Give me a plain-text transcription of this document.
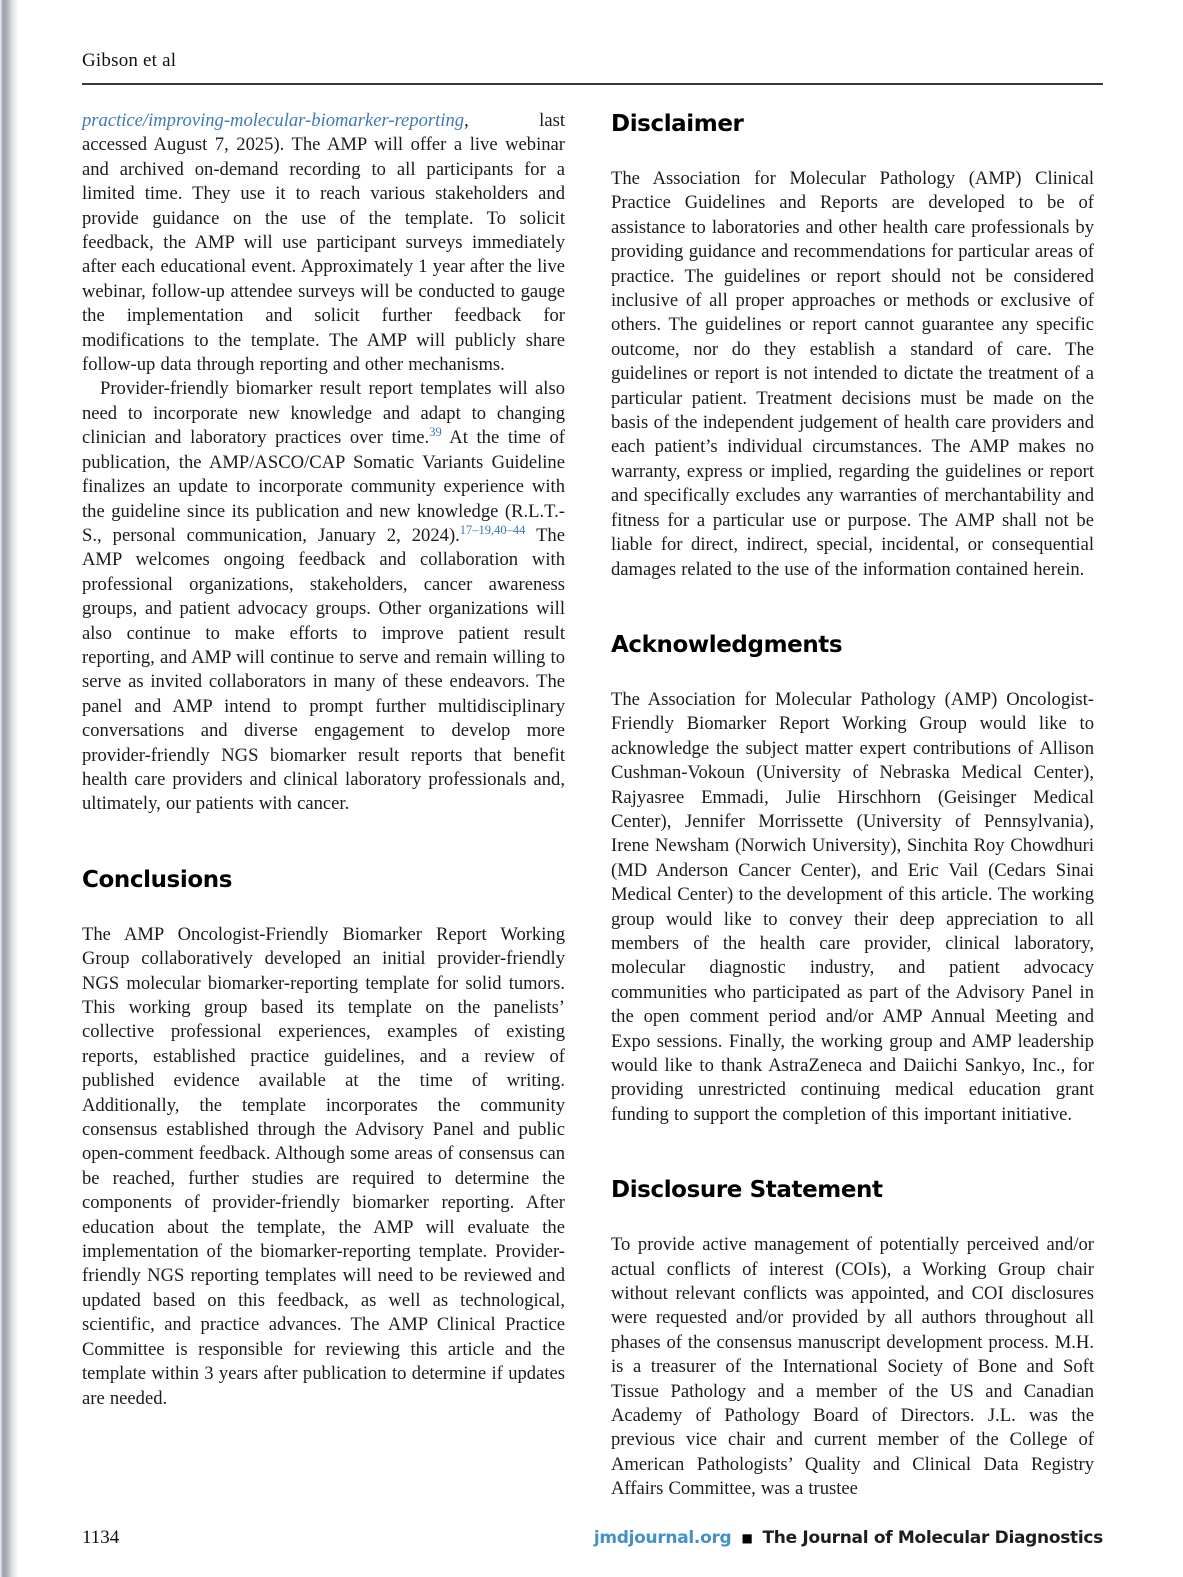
Gibson et al

practice/improving-molecular-biomarker-reporting, last accessed August 7, 2025). The AMP will offer a live webinar and archived on-demand recording to all participants for a limited time. They use it to reach various stakeholders and provide guidance on the use of the template. To solicit feedback, the AMP will use participant surveys immediately after each educational event. Approximately 1 year after the live webinar, follow-up attendee surveys will be conducted to gauge the implementation and solicit further feedback for modifications to the template. The AMP will publicly share follow-up data through reporting and other mechanisms.

Provider-friendly biomarker result report templates will also need to incorporate new knowledge and adapt to changing clinician and laboratory practices over time.$^{39}$ At the time of publication, the AMP/ASCO/CAP Somatic Variants Guideline finalizes an update to incorporate community experience with the guideline since its publication and new knowledge (R.L.T.-S., personal communication, January 2, 2024).$^{17-19,40-44}$ The AMP welcomes ongoing feedback and collaboration with professional organizations, stakeholders, cancer awareness groups, and patient advocacy groups. Other organizations will also continue to make efforts to improve patient result reporting, and AMP will continue to serve and remain willing to serve as invited collaborators in many of these endeavors. The panel and AMP intend to prompt further multidisciplinary conversations and diverse engagement to develop more provider-friendly NGS biomarker result reports that benefit health care providers and clinical laboratory professionals and, ultimately, our patients with cancer.

Conclusions

The AMP Oncologist-Friendly Biomarker Report Working Group collaboratively developed an initial provider-friendly NGS molecular biomarker-reporting template for solid tumors. This working group based its template on the panelists’ collective professional experiences, examples of existing reports, established practice guidelines, and a review of published evidence available at the time of writing. Additionally, the template incorporates the community consensus established through the Advisory Panel and public open-comment feedback. Although some areas of consensus can be reached, further studies are required to determine the components of provider-friendly biomarker reporting. After education about the template, the AMP will evaluate the implementation of the biomarker-reporting template. Provider-friendly NGS reporting templates will need to be reviewed and updated based on this feedback, as well as technological, scientific, and practice advances. The AMP Clinical Practice Committee is responsible for reviewing this article and the template within 3 years after publication to determine if updates are needed.

Disclaimer

The Association for Molecular Pathology (AMP) Clinical Practice Guidelines and Reports are developed to be of assistance to laboratories and other health care professionals by providing guidance and recommendations for particular areas of practice. The guidelines or report should not be considered inclusive of all proper approaches or methods or exclusive of others. The guidelines or report cannot guarantee any specific outcome, nor do they establish a standard of care. The guidelines or report is not intended to dictate the treatment of a particular patient. Treatment decisions must be made on the basis of the independent judgement of health care providers and each patient’s individual circumstances. The AMP makes no warranty, express or implied, regarding the guidelines or report and specifically excludes any warranties of merchantability and fitness for a particular use or purpose. The AMP shall not be liable for direct, indirect, special, incidental, or consequential damages related to the use of the information contained herein.

Acknowledgments

The Association for Molecular Pathology (AMP) Oncologist-Friendly Biomarker Report Working Group would like to acknowledge the subject matter expert contributions of Allison Cushman-Vokoun (University of Nebraska Medical Center), Rajyasree Emmadi, Julie Hirschhorn (Geisinger Medical Center), Jennifer Morrissette (University of Pennsylvania), Irene Newsham (Norwich University), Sinchita Roy Chowdhuri (MD Anderson Cancer Center), and Eric Vail (Cedars Sinai Medical Center) to the development of this article. The working group would like to convey their deep appreciation to all members of the health care provider, clinical laboratory, molecular diagnostic industry, and patient advocacy communities who participated as part of the Advisory Panel in the open comment period and/or AMP Annual Meeting and Expo sessions. Finally, the working group and AMP leadership would like to thank AstraZeneca and Daiichi Sankyo, Inc., for providing unrestricted continuing medical education grant funding to support the completion of this important initiative.

Disclosure Statement

To provide active management of potentially perceived and/or actual conflicts of interest (COIs), a Working Group chair without relevant conflicts was appointed, and COI disclosures were requested and/or provided by all authors throughout all phases of the consensus manuscript development process. M.H. is a treasurer of the International Society of Bone and Soft Tissue Pathology and a member of the US and Canadian Academy of Pathology Board of Directors. J.L. was the previous vice chair and current member of the College of American Pathologists’ Quality and Clinical Data Registry Affairs Committee, was a trustee

1134	jmdjournal.org ■ The Journal of Molecular Diagnostics
